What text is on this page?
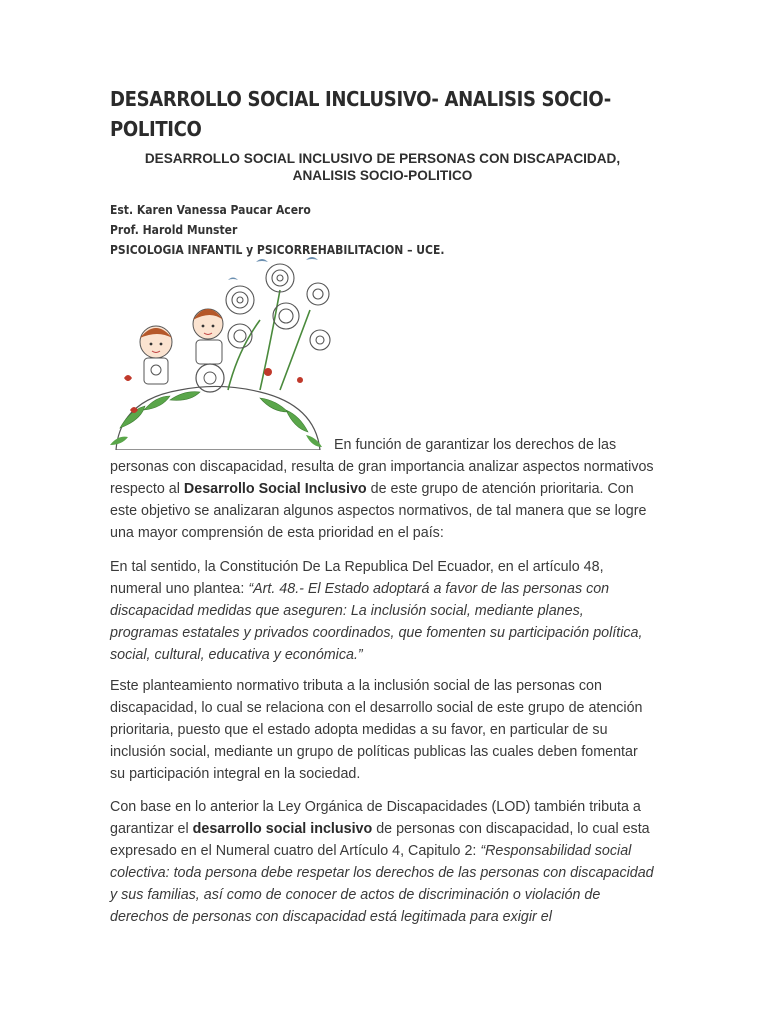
DESARROLLO SOCIAL INCLUSIVO- ANALISIS SOCIO-POLITICO
DESARROLLO SOCIAL INCLUSIVO DE PERSONAS CON DISCAPACIDAD,
ANALISIS SOCIO-POLITICO
Est. Karen Vanessa Paucar Acero
Prof. Harold Munster
PSICOLOGIA INFANTIL y PSICORREHABILITACION – UCE.

En función de garantizar los derechos de las
personas con discapacidad, resulta de gran importancia analizar aspectos normativos respecto al Desarrollo Social Inclusivo de este grupo de atención prioritaria. Con este objetivo se analizaran algunos aspectos normativos, de tal manera que se logre una mayor comprensión de esta prioridad en el país:

En tal sentido, la Constitución De La Republica Del Ecuador, en el artículo 48, numeral uno plantea: “Art. 48.- El Estado adoptará a favor de las personas con discapacidad medidas que aseguren: La inclusión social, mediante planes, programas estatales y privados coordinados, que fomenten su participación política, social, cultural, educativa y económica.”

Este planteamiento normativo tributa a la inclusión social de las personas con discapacidad, lo cual se relaciona con el desarrollo social de este grupo de atención prioritaria, puesto que el estado adopta medidas a su favor, en particular de su inclusión social, mediante un grupo de políticas publicas las cuales deben fomentar su participación integral en la sociedad.

Con base en lo anterior la Ley Orgánica de Discapacidades (LOD) también tributa a garantizar el desarrollo social inclusivo de personas con discapacidad, lo cual esta expresado en el Numeral cuatro del Artículo 4, Capitulo 2: “Responsabilidad social colectiva: toda persona debe respetar los derechos de las personas con discapacidad y sus familias, así como de conocer de actos de discriminación o violación de derechos de personas con discapacidad está legitimada para exigir el
